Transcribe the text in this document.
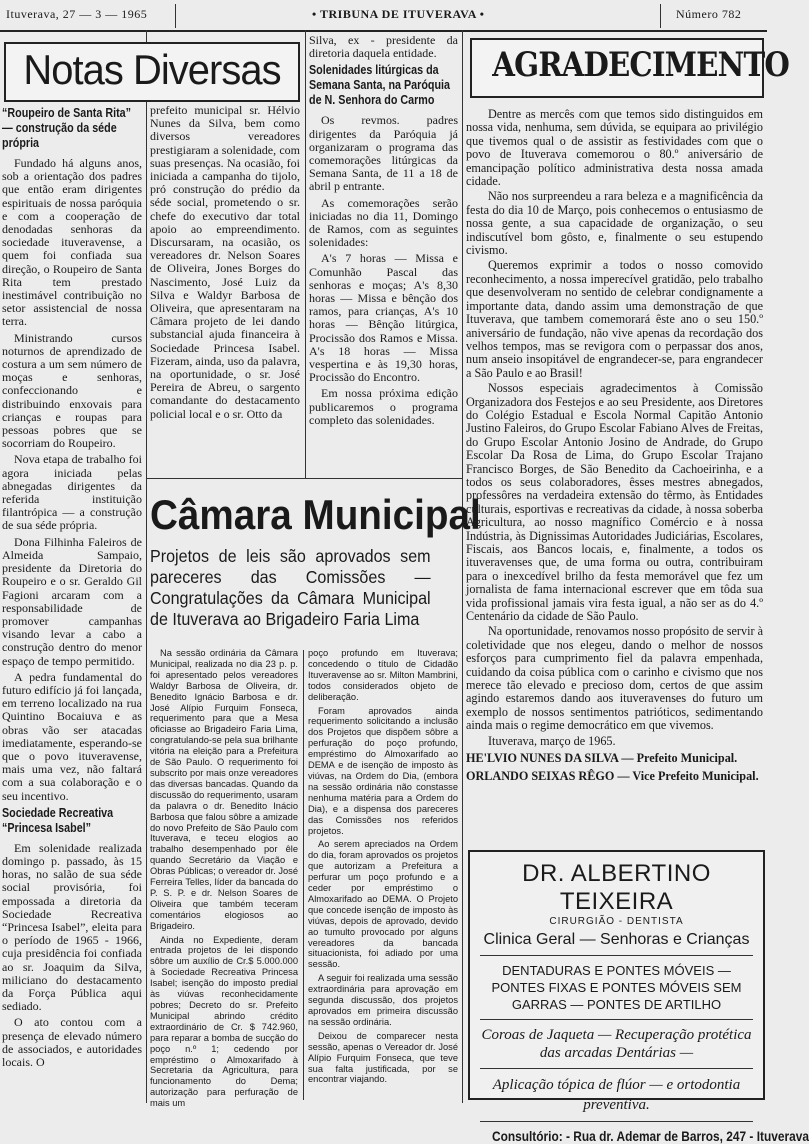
Ituverava, 27 — 3 — 1965	• TRIBUNA DE ITUVERAVA •	Número 782
Notas Diversas
“Roupeiro de Santa Rita” — construção da séde própria

Fundado há alguns anos, sob a orientação dos padres que então eram dirigentes espirituais de nossa paróquia e com a cooperação de denodadas senhoras da sociedade ituveravense, a quem foi confiada sua direção, o Roupeiro de Santa Rita tem prestado inestimável contribuição no setor assistencial de nossa terra.

Ministrando cursos noturnos de aprendizado de costura a um sem número de moças e senhoras, confeccionando e distribuindo enxovais para crianças e roupas para pessoas pobres que se socorriam do Roupeiro.

Nova etapa de trabalho foi agora iniciada pelas abnegadas dirigentes da referida instituição filantrópica — a construção de sua séde própria.

Dona Filhinha Faleiros de Almeida Sampaio, presidente da Diretoria do Roupeiro e o sr. Geraldo Gil Fagioni arcaram com a responsabilidade de promover campanhas visando levar a cabo a construção dentro do menor espaço de tempo permitido.

A pedra fundamental do futuro edifício já foi lançada, em terreno localizado na rua Quintino Bocaiuva e as obras vão ser atacadas imediatamente, esperando-se que o povo ituveravense, mais uma vez, não faltará com a sua colaboração e o seu incentivo.

Sociedade Recreativa “Princesa Isabel”

Em solenidade realizada domingo p. passado, às 15 horas, no salão de sua séde social provisória, foi empossada a diretoria da Sociedade Recreativa “Princesa Isabel”, eleita para o período de 1965 - 1966, cuja presidência foi confiada ao sr. Joaquim da Silva, miliciano do destacamento da Força Pública aqui sediado.

O ato contou com a presença de elevado número de associados, e autoridades locais. O

prefeito municipal sr. Hélvio Nunes da Silva, bem como diversos vereadores prestigiaram a solenidade, com suas presenças. Na ocasião, foi iniciada a campanha do tijolo, pró construção do prédio da séde social, prometendo o sr. chefe do executivo dar total apoio ao empreendimento. Discursaram, na ocasião, os vereadores dr. Nelson Soares de Oliveira, Jones Borges do Nascimento, José Luiz da Silva e Waldyr Barbosa de Oliveira, que apresentaram na Câmara projeto de lei dando substancial ajuda financeira à Sociedade Princesa Isabel. Fizeram, ainda, uso da palavra, na oportunidade, o sr. José Pereira de Abreu, o sargento comandante do destacamento policial local e o sr. Otto da

Silva, ex - presidente da diretoria daquela entidade.

Solenidades litúrgicas da Semana Santa, na Paróquia de N. Senhora do Carmo

Os revmos. padres dirigentes da Paróquia já organizaram o programa das comemorações litúrgicas da Semana Santa, de 11 a 18 de abril p entrante.

As comemorações serão iniciadas no dia 11, Domingo de Ramos, com as seguintes solenidades:

A's 7 horas — Missa e Comunhão Pascal das senhoras e moças; A's 8,30 horas — Missa e bênção dos ramos, para crianças, A's 10 horas — Bênção litúrgica, Procissão dos Ramos e Missa. A's 18 horas — Missa vespertina e às 19,30 horas, Procissão do Encontro.

Em nossa próxima edição publicaremos o programa completo das solenidades.

Câmara Municipal
Projetos de leis são aprovados sem pareceres das Comissões — Congratulações da Câmara Municipal de Ituverava ao Brigadeiro Faria Lima

Na sessão ordinária da Câmara Municipal, realizada no dia 23 p. p. foi apresentado pelos vereadores Waldyr Barbosa de Oliveira, dr. Benedito Ignácio Barbosa e dr. José Alípio Furquim Fonseca, requerimento para que a Mesa oficiasse ao Brigadeiro Faria Lima, congratulando-se pela sua brilhante vitória na eleição para a Prefeitura de São Paulo. O requerimento foi subscrito por mais onze vereadores das diversas bancadas. Quando da discussão do requerimento, usaram da palavra o dr. Benedito Inácio Barbosa que falou sôbre a amizade do novo Prefeito de São Paulo com Ituverava, e teceu elogios ao trabalho desempenhado por êle quando Secretário da Viação e Obras Públicas; o vereador dr. José Ferreira Telles, líder da bancada do P. S. P. e dr. Nelson Soares de Oliveira que também teceram comentários elogiosos ao Brigadeiro.

Ainda no Expediente, deram entrada projetos de lei dispondo sôbre um auxílio de Cr.$ 5.000.000 à Sociedade Recreativa Princesa Isabel; isenção do imposto predial às viúvas reconhecidamente pobres; Decreto do sr. Prefeito Municipal abrindo crédito extraordinário de Cr. $ 742.960, para reparar a bomba de sucção do poço n.º 1; cedendo por empréstimo o Almoxarifado à Secretaria da Agricultura, para funcionamento do Dema; autorização para perfuração de mais um

poço profundo em Ituverava; concedendo o título de Cidadão Ituveravense ao sr. Milton Mambrini, todos considerados objeto de deliberação.

Foram aprovados ainda requerimento solicitando a inclusão dos Projetos que dispõem sôbre a perfuração do poço profundo, empréstimo do Almoxarifado ao DEMA e de isenção de imposto às viúvas, na Ordem do Dia, (embora na sessão ordinária não constasse nenhuma matéria para a Ordem do Dia), e a dispensa dos pareceres das Comissões nos referidos projetos.

Ao serem apreciados na Ordem do dia, foram aprovados os projetos que autorizam a Prefeitura a perfurar um poço profundo e a ceder por empréstimo o Almoxarifado ao DEMA. O Projeto que concede isenção de imposto às viúvas, depois de aprovado, devido ao tumulto provocado por alguns vereadores da bancada situacionista, foi adiado por uma sessão.

A seguir foi realizada uma sessão extraordinária para aprovação em segunda discussão, dos projetos aprovados em primeira discussão na sessão ordinária.

Deixou de comparecer nesta sessão, apenas o Vereador dr. José Alípio Furquim Fonseca, que teve sua falta justificada, por se encontrar viajando.

AGRADECIMENTO

Dentre as mercês com que temos sido distinguidos em nossa vida, nenhuma, sem dúvida, se equipara ao privilégio que tivemos qual o de assistir as festividades com que o povo de Ituverava comemorou o 80.º aniversário de emancipação político administrativa desta nossa amada cidade.

Não nos surpreendeu a rara beleza e a magnificência da festa do dia 10 de Março, pois conhecemos o entusiasmo de nossa gente, a sua capacidade de organização, o seu indiscutível bom gôsto, e, finalmente o seu estupendo civismo.

Queremos exprimir a todos o nosso comovido reconhecimento, a nossa imperecível gratidão, pelo trabalho que desenvolveram no sentido de celebrar condignamente a importante data, dando assim uma demonstração de que Ituverava, que tambem comemorará êste ano o seu 150.º aniversário de fundação, não vive apenas da recordação dos velhos tempos, mas se revigora com o perpassar dos anos, num anseio insopitável de engrandecer-se, para engrandecer a São Paulo e ao Brasil!

Nossos especiais agradecimentos à Comissão Organizadora dos Festejos e ao seu Presidente, aos Diretores do Colégio Estadual e Escola Normal Capitão Antonio Justino Faleiros, do Grupo Escolar Fabiano Alves de Freitas, do Grupo Escolar Antonio Josino de Andrade, do Grupo Escolar Da Rosa de Lima, do Grupo Escolar Trajano Francisco Borges, de São Benedito da Cachoeirinha, e a todos os seus colaboradores, êsses mestres abnegados, professôres na verdadeira extensão do têrmo, às Entidades culturais, esportivas e recreativas da cidade, à nossa soberba Agricultura, ao nosso magnífico Comércio e à nossa Indústria, às Dignissimas Autoridades Judiciárias, Escolares, Fiscais, aos Bancos locais, e, finalmente, a todos os ituveravenses que, de uma forma ou outra, contribuiram para o inexcedível brilho da festa memorável que fez um jornalista de fama internacional escrever que em tôda sua vida profissional jamais vira festa igual, a não ser as do 4.º Centenário da cidade de São Paulo.

Na oportunidade, renovamos nosso propósito de servir à coletividade que nos elegeu, dando o melhor de nossos esforços para cumprimento fiel da palavra empenhada, cuidando da coisa pública com o carinho e civismo que nos merece tão elevado e precioso dom, certos de que assim agindo estaremos dando aos ituveravenses do futuro um exemplo de nossos sentimentos patrióticos, sedimentando ainda mais o regime democrático em que vivemos.

Ituverava, março de 1965.

HE'LVIO NUNES DA SILVA — Prefeito Municipal.

ORLANDO SEIXAS RÊGO — Vice Prefeito Municipal.

DR. ALBERTINO TEIXEIRA
CIRURGIÃO - DENTISTA
Clinica Geral — Senhoras e Crianças
DENTADURAS E PONTES MÓVEIS — PONTES FIXAS E PONTES MÓVEIS SEM GARRAS — PONTES DE ARTILHO
Coroas de Jaqueta — Recuperação protética das arcadas Dentárias —
Aplicação tópica de flúor — e ortodontia preventiva.
Consultório: - Rua dr. Ademar de Barros, 247 - Ituverava
